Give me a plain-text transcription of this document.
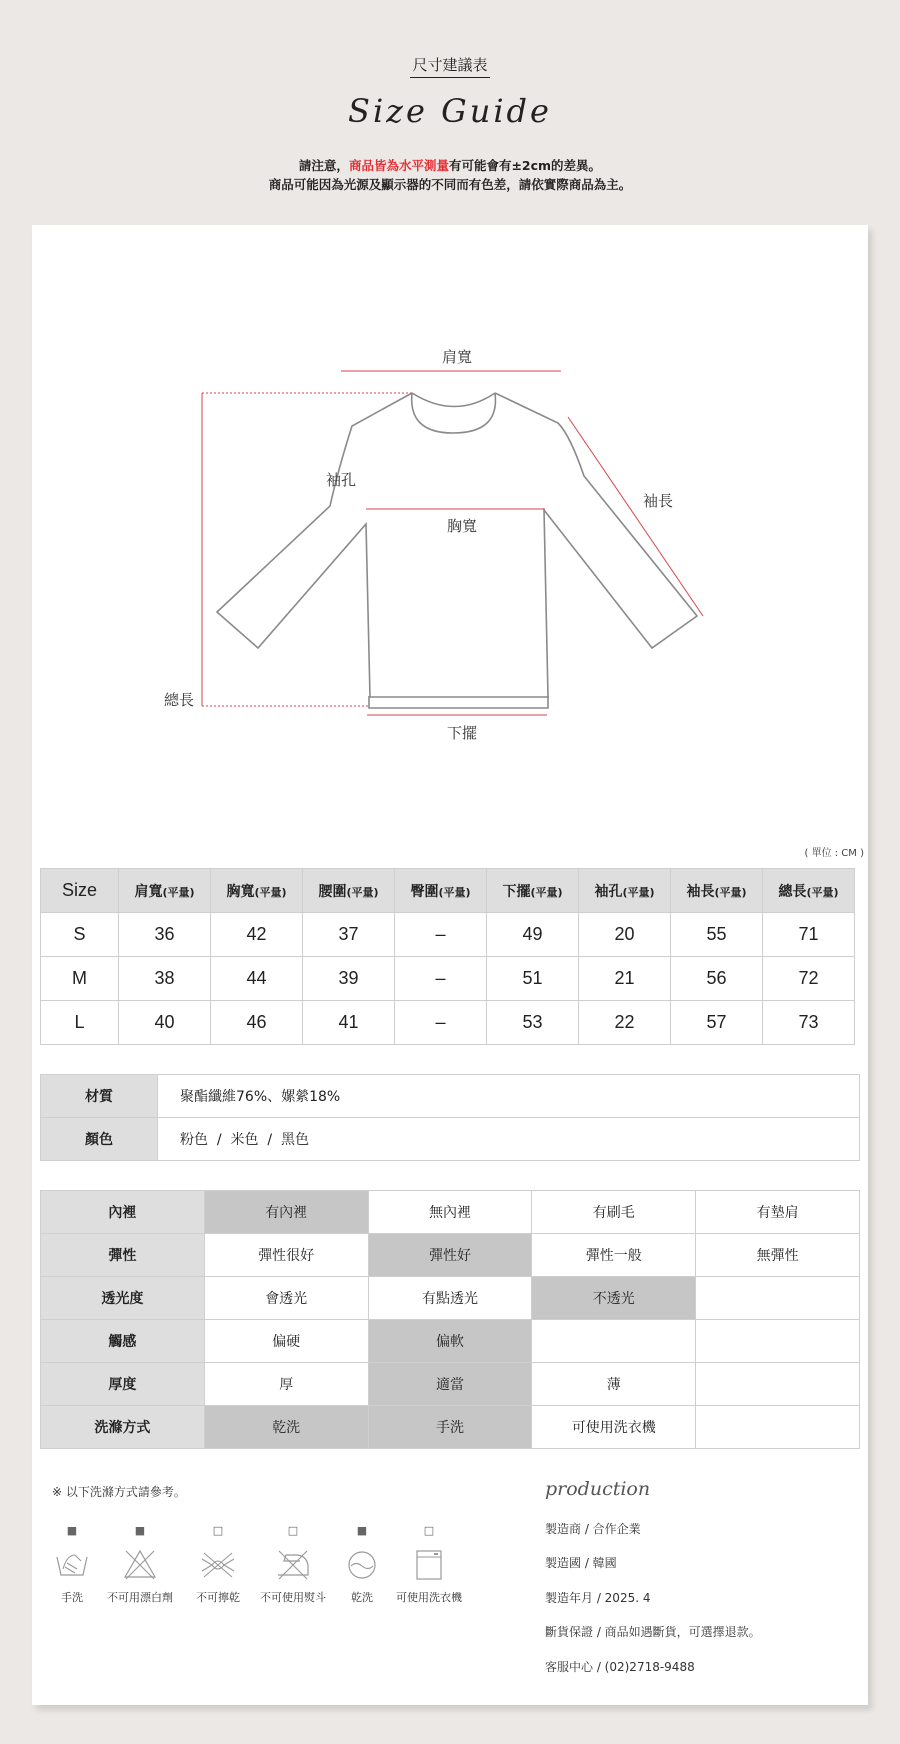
尺寸建議表
Size Guide
請注意，商品皆為水平測量有可能會有±2cm的差異。
商品可能因為光源及顯示器的不同而有色差，請依實際商品為主。
肩寬
袖孔
胸寬
袖長
總長
下擺
( 單位 : CM )
Size	肩寬(平量)	胸寬(平量)	腰圍(平量)	臀圍(平量)	下擺(平量)	袖孔(平量)	袖長(平量)	總長(平量)
S	36	42	37	–	49	20	55	71
M	38	44	39	–	51	21	56	72
L	40	46	41	–	53	22	57	73
材質	聚酯纖維76%、嫘縈18%
顏色	粉色  /  米色  /  黑色
內裡	有內裡	無內裡	有刷毛	有墊肩
彈性	彈性很好	彈性好	彈性一般	無彈性
透光度	會透光	有點透光	不透光	
觸感	偏硬	偏軟		
厚度	厚	適當	薄	
洗滌方式	乾洗	手洗	可使用洗衣機	
※ 以下洗滌方式請參考。
■
手洗
■
不可用漂白劑
□
不可擰乾
□
不可使用熨斗
■
乾洗
□
可使用洗衣機
production
製造商 / 合作企業
製造國 / 韓國
製造年月 / 2025. 4
斷貨保證 / 商品如遇斷貨，可選擇退款。
客服中心 / (02)2718-9488
